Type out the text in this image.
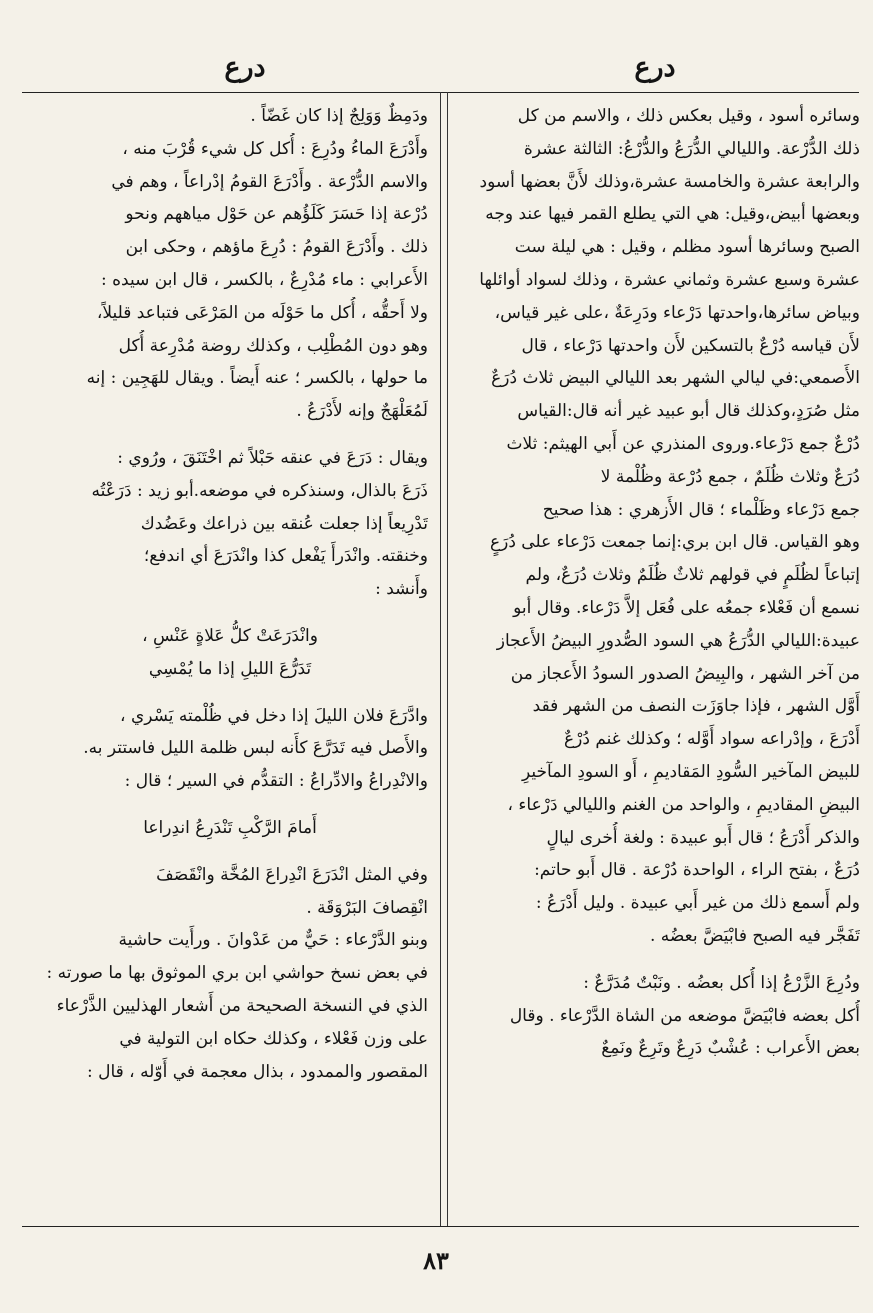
درع
درع
وسائره أسود ، وقيل بعكس ذلك ، والاسم من كل
ذلك الدُّرْعة. والليالي الدُّرَعُ والدُّرْعُ: الثالثة عشرة
والرابعة عشرة والخامسة عشرة،وذلك لأَنَّ بعضها أسود
وبعضها أبيض،وقيل: هي التي يطلع القمر فيها عند وجه
الصبح وسائرها أسود مظلم ، وقيل : هي ليلة ست
عشرة وسبع عشرة وثماني عشرة ، وذلك لسواد أوائلها
وبياض سائرها،واحدتها دَرْعاء ودَرِعَةٌ ،على غير قياس،
لأَن قياسه دُرْعٌ بالتسكين لأَن واحدتها دَرْعاء ، قال
الأَصمعي:في ليالي الشهر بعد الليالي البيض ثلاث دُرَعٌ
مثل صُرَدٍ،وكذلك قال أبو عبيد غير أنه قال:القياس
دُرْعٌ جمع دَرْعاء.وروى المنذري عن أَبي الهيثم: ثلاث
دُرَعٌ وثلاث ظُلَمٌ ، جمع دُرْعة وظُلْمة لا
جمع دَرْعاء وظَلْماء ؛ قال الأَزهري : هذا صحيح
وهو القياس. قال ابن بري:إنما جمعت دَرْعاء على دُرَعٍ
إتباعاً لظُلَمٍ في قولهم ثلاثٌ ظُلَمٌ وثلاث دُرَعٌ، ولم
نسمع أن فَعْلاء جمعُه على فُعَل إلاَّ دَرْعاء. وقال أبو
عبيدة:الليالي الدُّرَعُ هي السود الصُّدورِ البيضُ الأَعجاز
من آخر الشهر ، والبِيضُ الصدور السودُ الأَعجاز من
أَوَّل الشهر ، فإذا جاوَزَت النصف من الشهر فقد
أَدْرَعَ ، وإدْراعه سواد أَوَّله ؛ وكذلك غنم دُرْعٌ
للبيض المآخير السُّودِ المَقاديمِ ، أَو السودِ المآخيرِ
البيضِ المقاديمِ ، والواحد من الغنم والليالي دَرْعاء ،
والذكر أَدْرَعُ ؛ قال أَبو عبيدة : ولغة أُخرى ليالٍ
دُرَعٌ ، بفتح الراء ، الواحدة دُرْعة . قال أَبو حاتم:
ولم أَسمع ذلك من غير أَبي عبيدة . وليل أَدْرَعُ :
تَفَجَّر فيه الصبح فابْيَضَّ بعضُه .
ودُرِعَ الزَّرْعُ إذا أُكل بعضُه . ونَبْتٌ مُدَرَّعٌ :
أُكل بعضه فابْيَضَّ موضعه من الشاة الدَّرْعاء . وقال
بعض الأَعراب : عُشْبٌ دَرِعٌ وتَرِعٌ ونَمِعٌ
ودَمِظٌ وَوَلِجٌ إذا كان غَضّاً .
وأَدْرَعَ الماءُ ودُرِعَ : أُكل كل شيء قُرْبَ منه ،
والاسم الدُّرْعة . وأَدْرَعَ القومُ إدْراعاً ، وهم في
دُرْعة إذا حَسَرَ كَلَؤُهم عن حَوْل مياههم ونحو
ذلك . وأَدْرَعَ القومُ : دُرِعَ ماؤهم ، وحكى ابن
الأَعرابي : ماء مُدْرِعٌ ، بالكسر ، قال ابن سيده :
ولا أَحقُّه ، أُكل ما حَوْلَه من المَرْعَى فتباعد قليلاً،
وهو دون المُطْلِب ، وكذلك روضة مُدْرِعة أُكل
ما حولها ، بالكسر ؛ عنه أَيضاً . ويقال للهَجِين : إنه
لَمُعَلْهَجٌ وإنه لأَدْرَعُ .
ويقال : دَرَعَ في عنقه حَبْلاً ثم اخْتَنَقَ ، ورُوي :
ذَرَعَ بالذال، وسنذكره في موضعه.أبو زيد : دَرَعْتُه
تَدْرِيعاً إذا جعلت عُنقه بين ذراعك وعَضُدك
وخنقته. وانْدَرأَ يَفْعل كذا وانْدَرَعَ أي اندفع؛
وأَنشد :
وانْدَرَعَتْ كلُّ عَلاةٍ عَنْسِ ،
تَدَرُّعَ الليلِ إذا ما يُمْسِي
وادَّرَعَ فلان الليلَ إذا دخل في ظُلْمته يَسْري ،
والأَصل فيه تَدَرَّعَ كأَنه لبس ظلمة الليل فاستتر به.
والانْدِراعُ والادِّراعُ : التقدُّم في السير ؛ قال :
أَمامَ الرَّكْبِ تَنْدَرِعُ اندِراعا
وفي المثل انْدَرَعَ انْدِراعَ المُخَّة وانْقَصَفَ
انْقِصافَ البَرْوَقَة .
وبنو الدَّرْعاء : حَيٌّ من عَدْوانَ . ورأَيت حاشية
في بعض نسخ حواشي ابن بري الموثوق بها ما صورته :
الذي في النسخة الصحيحة من أَشعار الهذليين الذَّرْعاء
على وزن فَعْلاء ، وكذلك حكاه ابن التولية في
المقصور والممدود ، بذال معجمة في أَوّله ، قال :
٨٣
